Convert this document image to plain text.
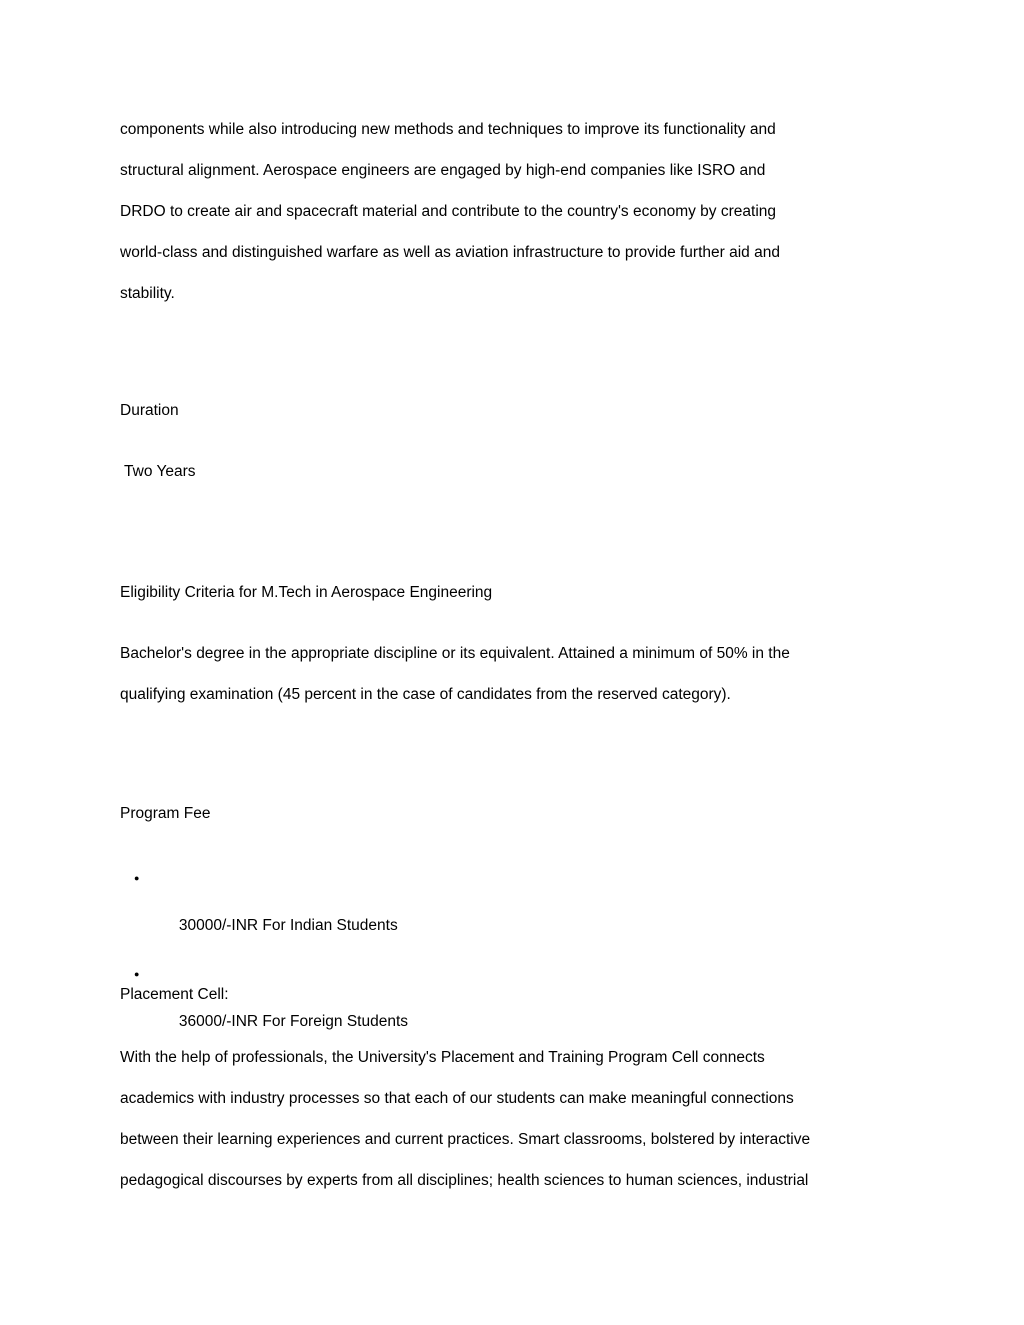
components while also introducing new methods and techniques to improve its functionality and
structural alignment. Aerospace engineers are engaged by high-end companies like ISRO and
DRDO to create air and spacecraft material and contribute to the country's economy by creating
world-class and distinguished warfare as well as aviation infrastructure to provide further aid and
stability.
Duration
Two Years
Eligibility Criteria for M.Tech in Aerospace Engineering
Bachelor's degree in the appropriate discipline or its equivalent. Attained a minimum of 50% in the
qualifying examination (45 percent in the case of candidates from the reserved category).
Program Fee

●

30000/-INR For Indian Students

●

36000/-INR For Foreign Students

Placement Cell:
With the help of professionals, the University's Placement and Training Program Cell connects
academics with industry processes so that each of our students can make meaningful connections
between their learning experiences and current practices. Smart classrooms, bolstered by interactive
pedagogical discourses by experts from all disciplines; health sciences to human sciences, industrial
